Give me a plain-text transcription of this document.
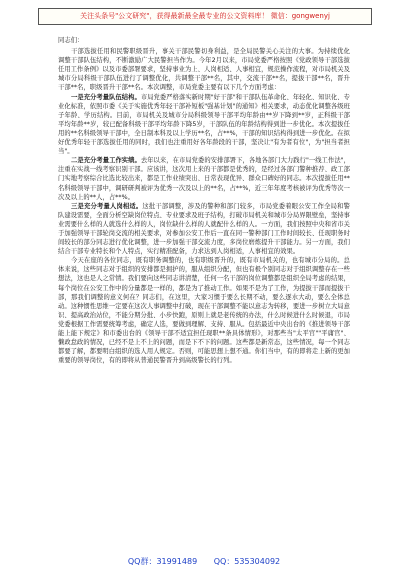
关注头条号"公文研究"，获得最新最全最专业的公文资料库！ 微信：gongwenyj

同志们：

干部选拔任用和民警职级晋升，事关干部民警切身利益，是全局民警关心关注的大事。为持续优化调整干部队伍结构，不断激励广大民警担当作为。今年2月以来，市局党委严格按照《党政领导干部选拔任用工作条例》以及市委部署要求，坚持事业为上、人岗相适、人事相宜，规范操作流程，对市局机关及城市分局科级干部队伍进行了调整优化，共调整干部**名，其中，交流干部**名，提拔干部**名，晋升干部**名，职级晋升干部**名。本次调整，市局党委主要有以下几个方面考虑：

一是充分考量队伍结构。市局党委严格落实新时期"好干部"和干部队伍革命化、年轻化、知识化、专业化标准，依照市委《关于实施优秀年轻干部补短板"强基计划"的通知》相关要求，动态优化调整各级班子年龄、学历结构。目前，市局机关及城市分局科级领导干部平均年龄由**岁下降到**岁，正科级干部平均年龄**岁，较已配备科级干部平均年龄下降5岁，干部队伍的年龄结构得到进一步优化。本次提拔任用的**名科级领导干部中，全日制本科及以上学历**名，占**%，干部的知识结构得到进一步优化。在拟好优秀年轻干部选拔任用的同时，我们也注重用好各年龄段的干部，坚决让"有为者有位"，为"担当者担当"。

二是充分考量工作实绩。去年以来，在市局党委的安排部署下，各地各部门大力践行"一线工作法"，注重在实战一线考察识别干部。应该讲，这次用上来的干部都是优秀的，是经过各部门警种推荐、政工部门实地考察综合比选比较出来，都是工作业绩突出、日常表现优异、群众口碑好的同志。本次提拔任用**名科级领导干部中，调研研判被评为优秀一次及以上的**名，占**%，近三年年度考核被评为优秀等次一次及以上的**人，占**%。

三是充分考量人岗相适。这批干部调整，涉及的警种和部门较多，市局党委着眼公安工作全局和警队建设需要，全面分析空缺岗位特点、专业要求及班子结构，打破市局机关和城市分局界限壁垒，坚持事业需要什么样的人就选什么样的人，岗位缺什么样的人就配什么样的人。一方面，我们按照中央和省市关于加强领导干部轮岗交流的相关要求，对参加公安工作后一直在同一警种部门工作时间较长、任现职务时间较长的部分同志进行优化调整，进一步加强干部交流力度，多岗位磨炼提升干部能力。另一方面，我们结合干部专业特长和个人特点，实行精准配备，力求达到人岗相适，人事相宜的效果。

今天在座的各位同志，既有职务调整的，也有职级晋升的，既有市局机关的，也有城市分局的。总体来说，这些同志对于组织的安排都是拥护的，服从组织分配，但也有极个别同志对于组织调整存在一些想法，这也是人之常情。我们要向这些同志讲清楚，任何一名干部的岗位调整都是组织全局考虑的结果，每个岗位在公安工作中的分量都是一样的，都是为了推动工作。如果不是为了工作，为提拔干部而提拔干部，那我们调整的意义何在？同志们，在这里，大家习惯于要么长期不动，要么逐水大动，要么全体总动。这种惯性思维一定要在这次人事调整中打破，现在干部调整不能以意志为转移，要进一步树立大局意识、提高政治站位，不能分期分批、小步快跑，原则上就是老传统的办法，什么时候进什么时候退，市局党委根据工作需要统筹考虑，确定人选，要做到理解、支持、服从。包括最近中央出台的《推进领导干部能上能下规定》和市委出台的《领导干部不适宜担任现职**条具体情形》，对那些当"太平官""平庸官"、懒政怠政的情况，已经不是上不上的问题，而是下不下的问题。这些都是新常态，这些情况，每一个同志都要了解，都要明白组织的选人用人规定。否则，可能思想上想不通。你们当中，有的即将走上新的更加重要的领导岗位，有的即将从普通民警晋升到高级警长的行列。

QQ群：31991489 QQ：535304092
